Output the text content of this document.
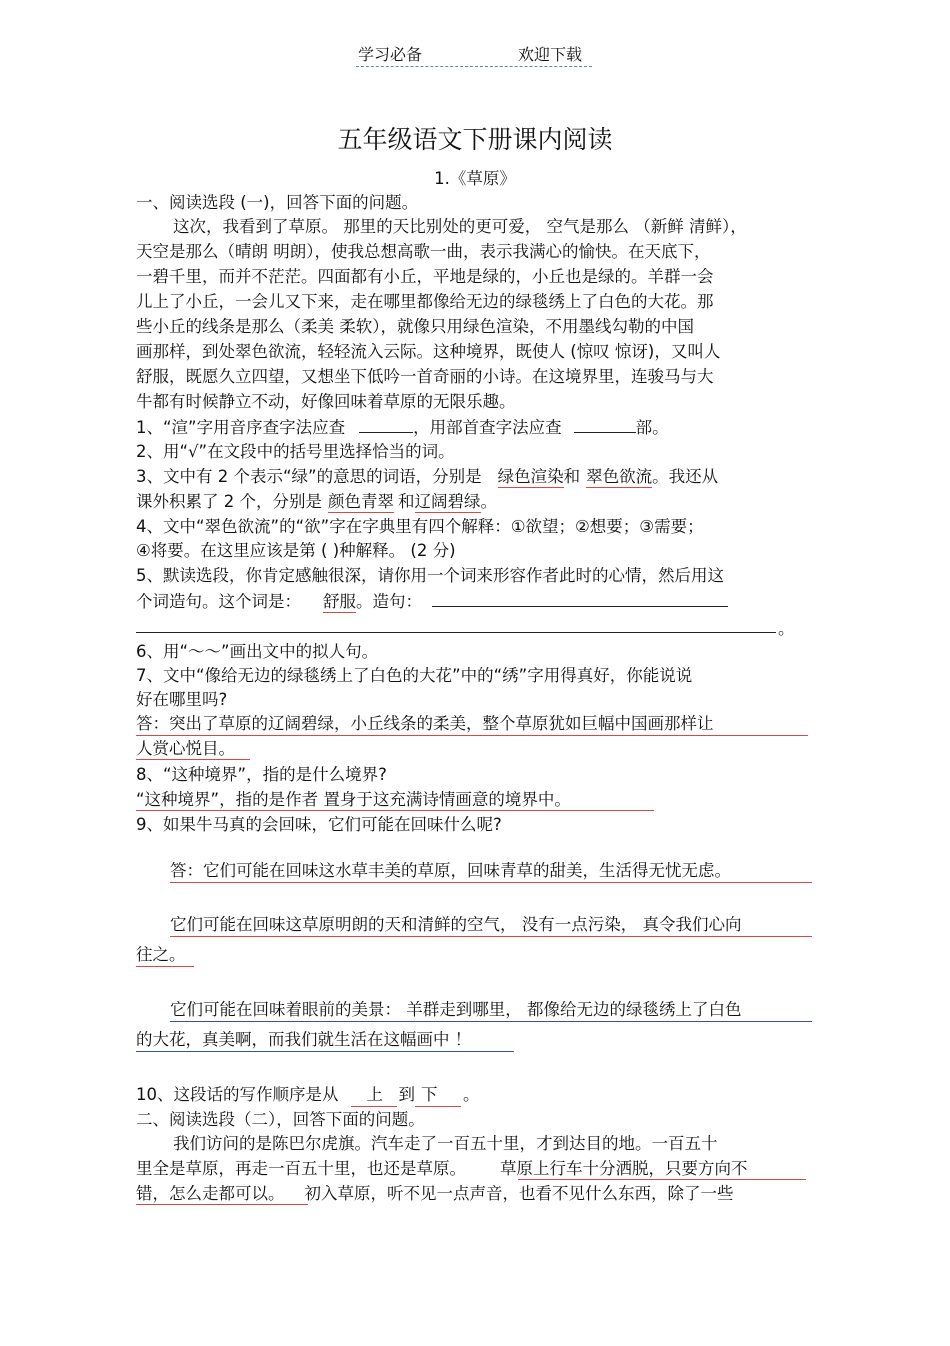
学习必备	欢迎下载
五年级语文下册课内阅读
1.《草原》
一、阅读选段 (一)，回答下面的问题。
这次，我看到了草原。 那里的天比别处的更可爱， 空气是那么 （新鲜 清鲜），
天空是那么（晴朗 明朗），使我总想高歌一曲，表示我满心的愉快。在天底下，
一碧千里，而并不茫茫。四面都有小丘，平地是绿的，小丘也是绿的。羊群一会
儿上了小丘，一会儿又下来，走在哪里都像给无边的绿毯绣上了白色的大花。那
些小丘的线条是那么（柔美 柔软），就像只用绿色渲染，不用墨线勾勒的中国
画那样，到处翠色欲流，轻轻流入云际。这种境界，既使人 (惊叹 惊讶)，又叫人
舒服，既愿久立四望，又想坐下低吟一首奇丽的小诗。在这境界里，连骏马与大
牛都有时候静立不动，好像回味着草原的无限乐趣。
1、“渲”字用音序查字法应查	，用部首查字法应查	部。
2、用“√”在文段中的括号里选择恰当的词。
3、文中有 2 个表示“绿”的意思的词语，分别是 绿色渲染和 翠色欲流。我还从
课外积累了 2 个，分别是 颜色青翠 和辽阔碧绿。
4、文中“翠色欲流”的“欲”字在字典里有四个解释：①欲望；②想要；③需要；
④将要。在这里应该是第 ( )种解释。 (2 分)
5、默读选段，你肯定感触很深，请你用一个词来形容作者此时的心情，然后用这
个词造句。这个词是： 舒服。造句：
。
6、用“～～”画出文中的拟人句。
7、文中“像给无边的绿毯绣上了白色的大花”中的“绣”字用得真好，你能说说
好在哪里吗?
答：突出了草原的辽阔碧绿，小丘线条的柔美，整个草原犹如巨幅中国画那样让
人赏心悦目。
8、“这种境界”，指的是什么境界?
“这种境界”，指的是作者 置身于这充满诗情画意的境界中。
9、如果牛马真的会回味，它们可能在回味什么呢?
答：它们可能在回味这水草丰美的草原，回味青草的甜美，生活得无忧无虑。
它们可能在回味这草原明朗的天和清鲜的空气， 没有一点污染， 真令我们心向
往之。
它们可能在回味着眼前的美景： 羊群走到哪里， 都像给无边的绿毯绣上了白色
的大花，真美啊，而我们就生活在这幅画中 ！
10、这段话的写作顺序是从 上 到 下 。
二、阅读选段（二），回答下面的问题。
我们访问的是陈巴尔虎旗。汽车走了一百五十里，才到达目的地。一百五十
里全是草原，再走一百五十里，也还是草原。 草原上行车十分洒脱，只要方向不
错，怎么走都可以。 初入草原，听不见一点声音，也看不见什么东西，除了一些
